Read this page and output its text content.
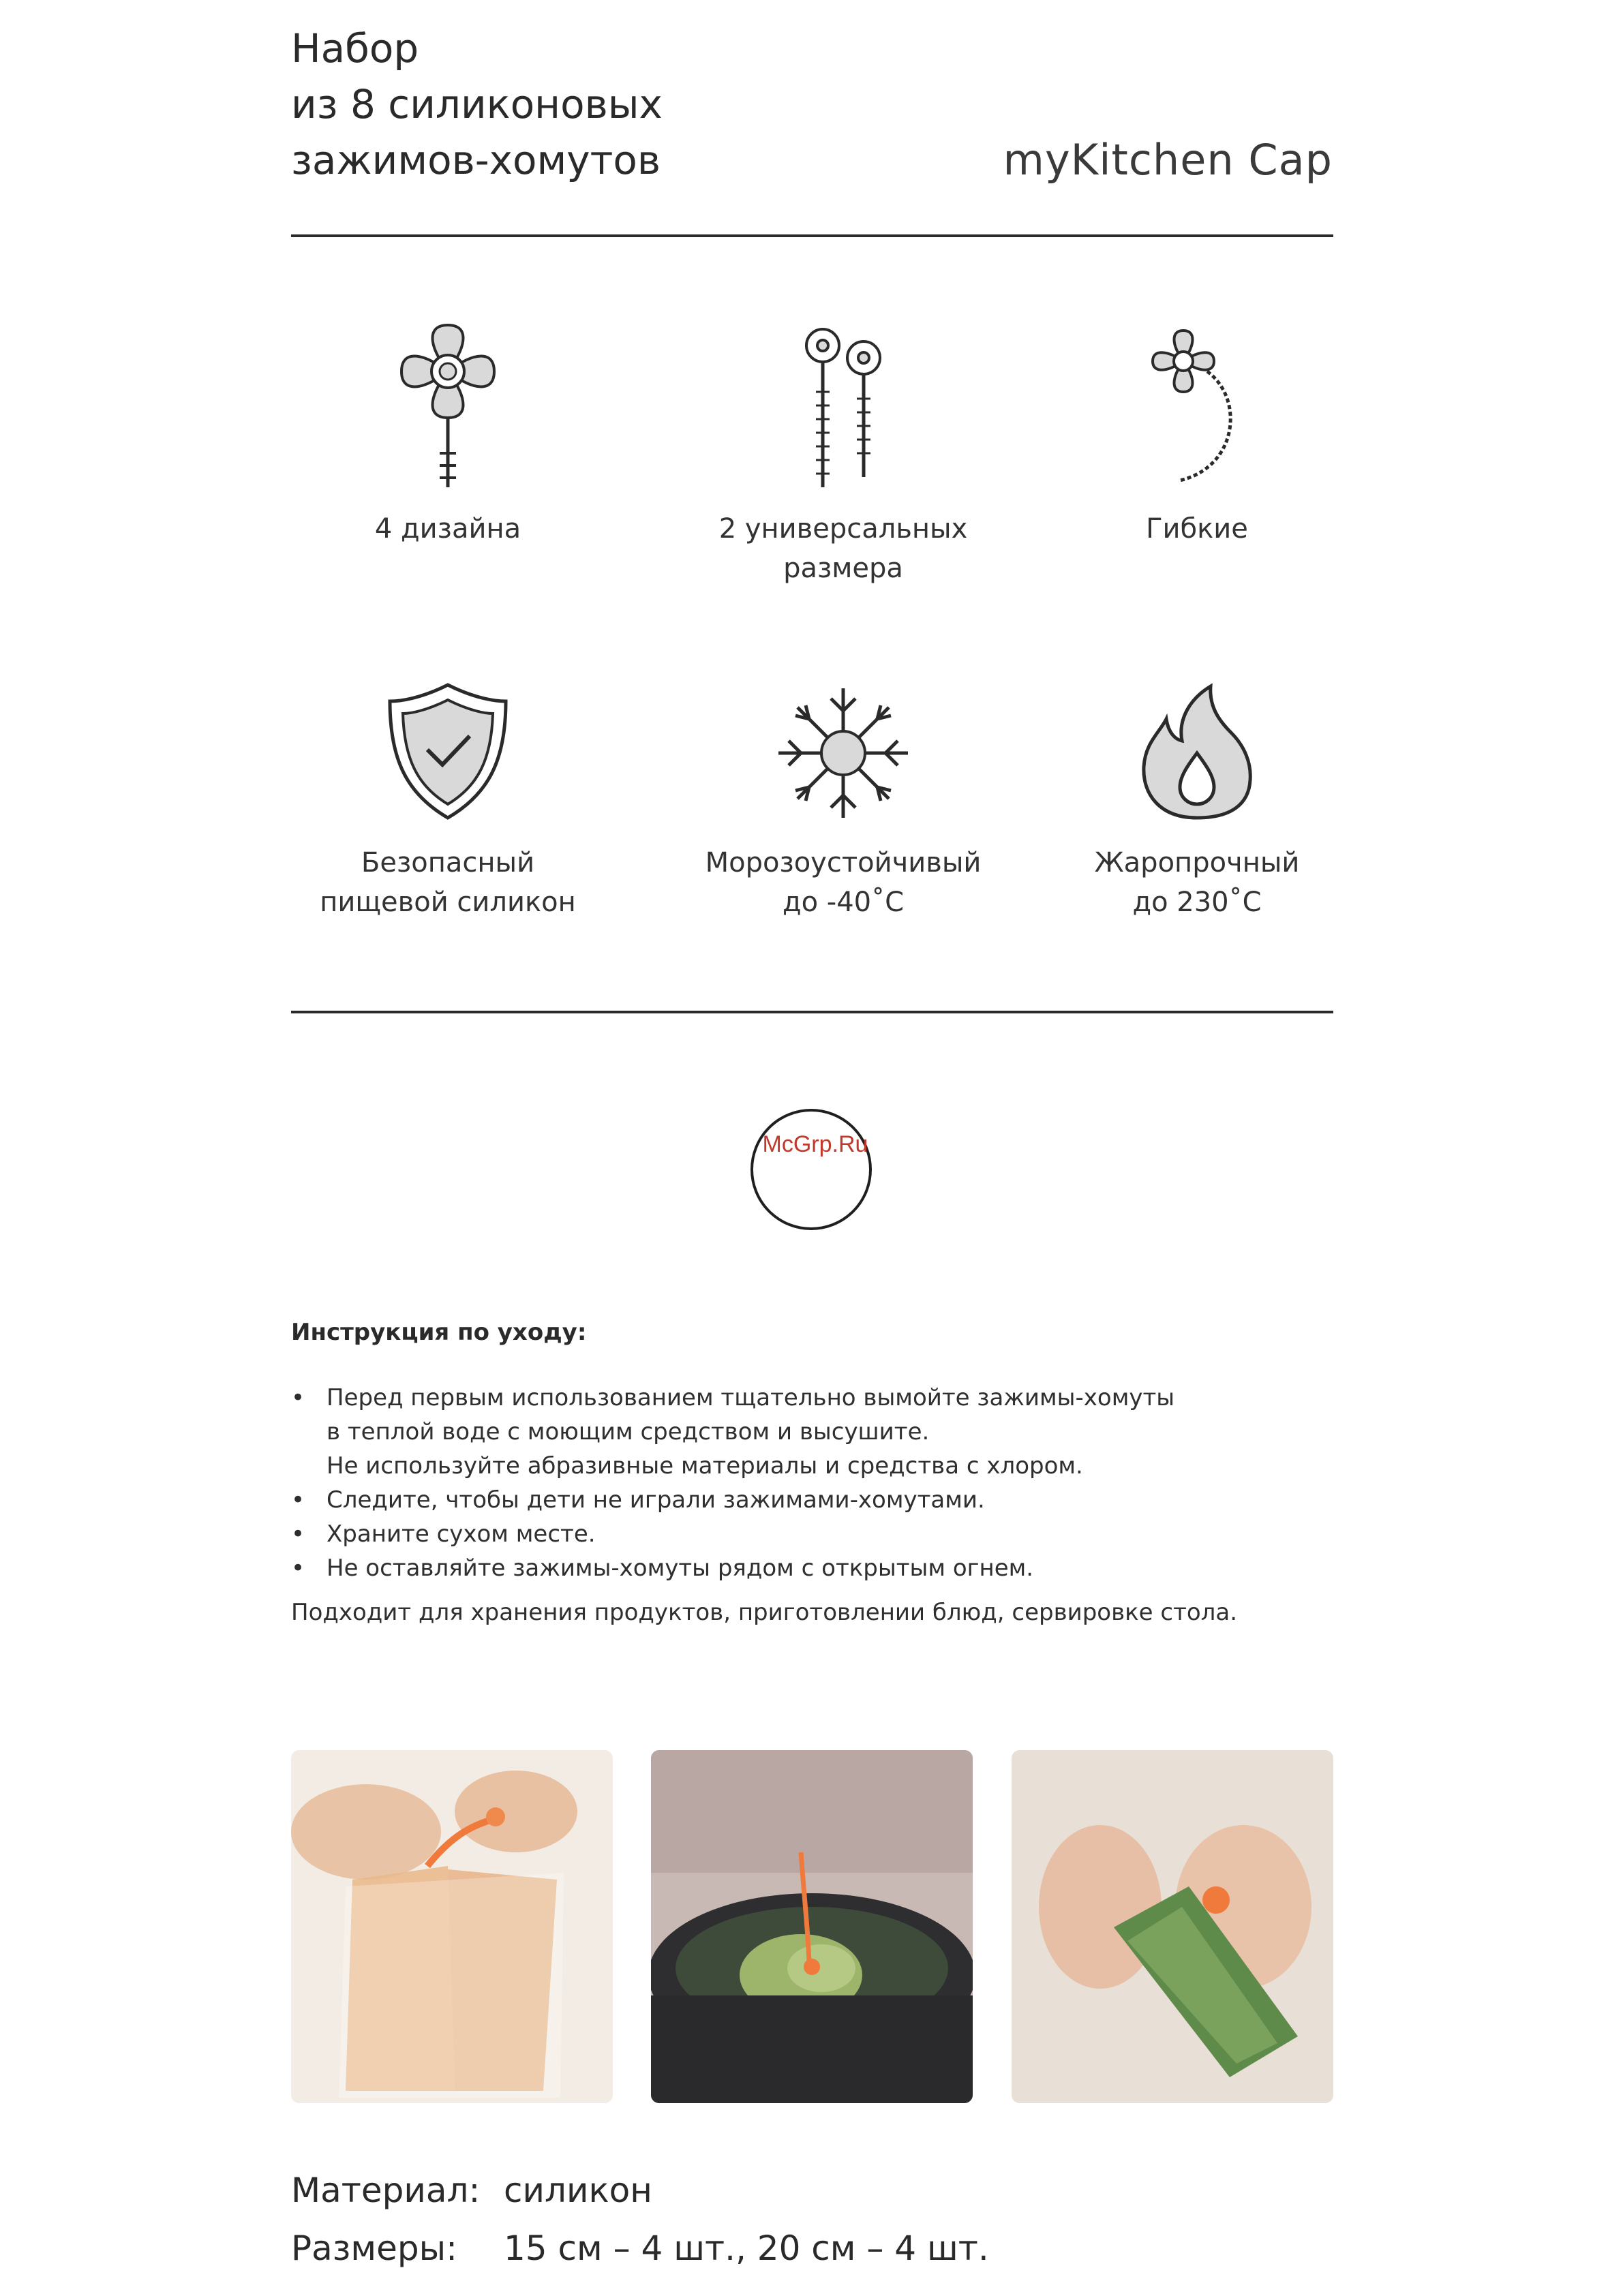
Набор
из 8 силиконовых
зажимов-хомутов	myKitchen Cap
4 дизайна	2 универсальных
размера
Гибкие
Безопасный
пищевой силикон
Морозоустойчивый
до -40˚C
Жаропрочный
до 230˚C
McGrp.Ru
Инструкция по уходу:
• Перед первым использованием тщательно вымойте зажимы-хомуты
в теплой воде с моющим средством и высушите.
Не используйте абразивные материалы и средства с хлором.
• Следите, чтобы дети не играли зажимами-хомутами.
• Храните сухом месте.
• Не оставляйте зажимы-хомуты рядом с открытым огнем.
Подходит для хранения продуктов, приготовлении блюд, сервировке стола.
Материал: силикон
Размеры: 15 см – 4 шт., 20 см – 4 шт.
